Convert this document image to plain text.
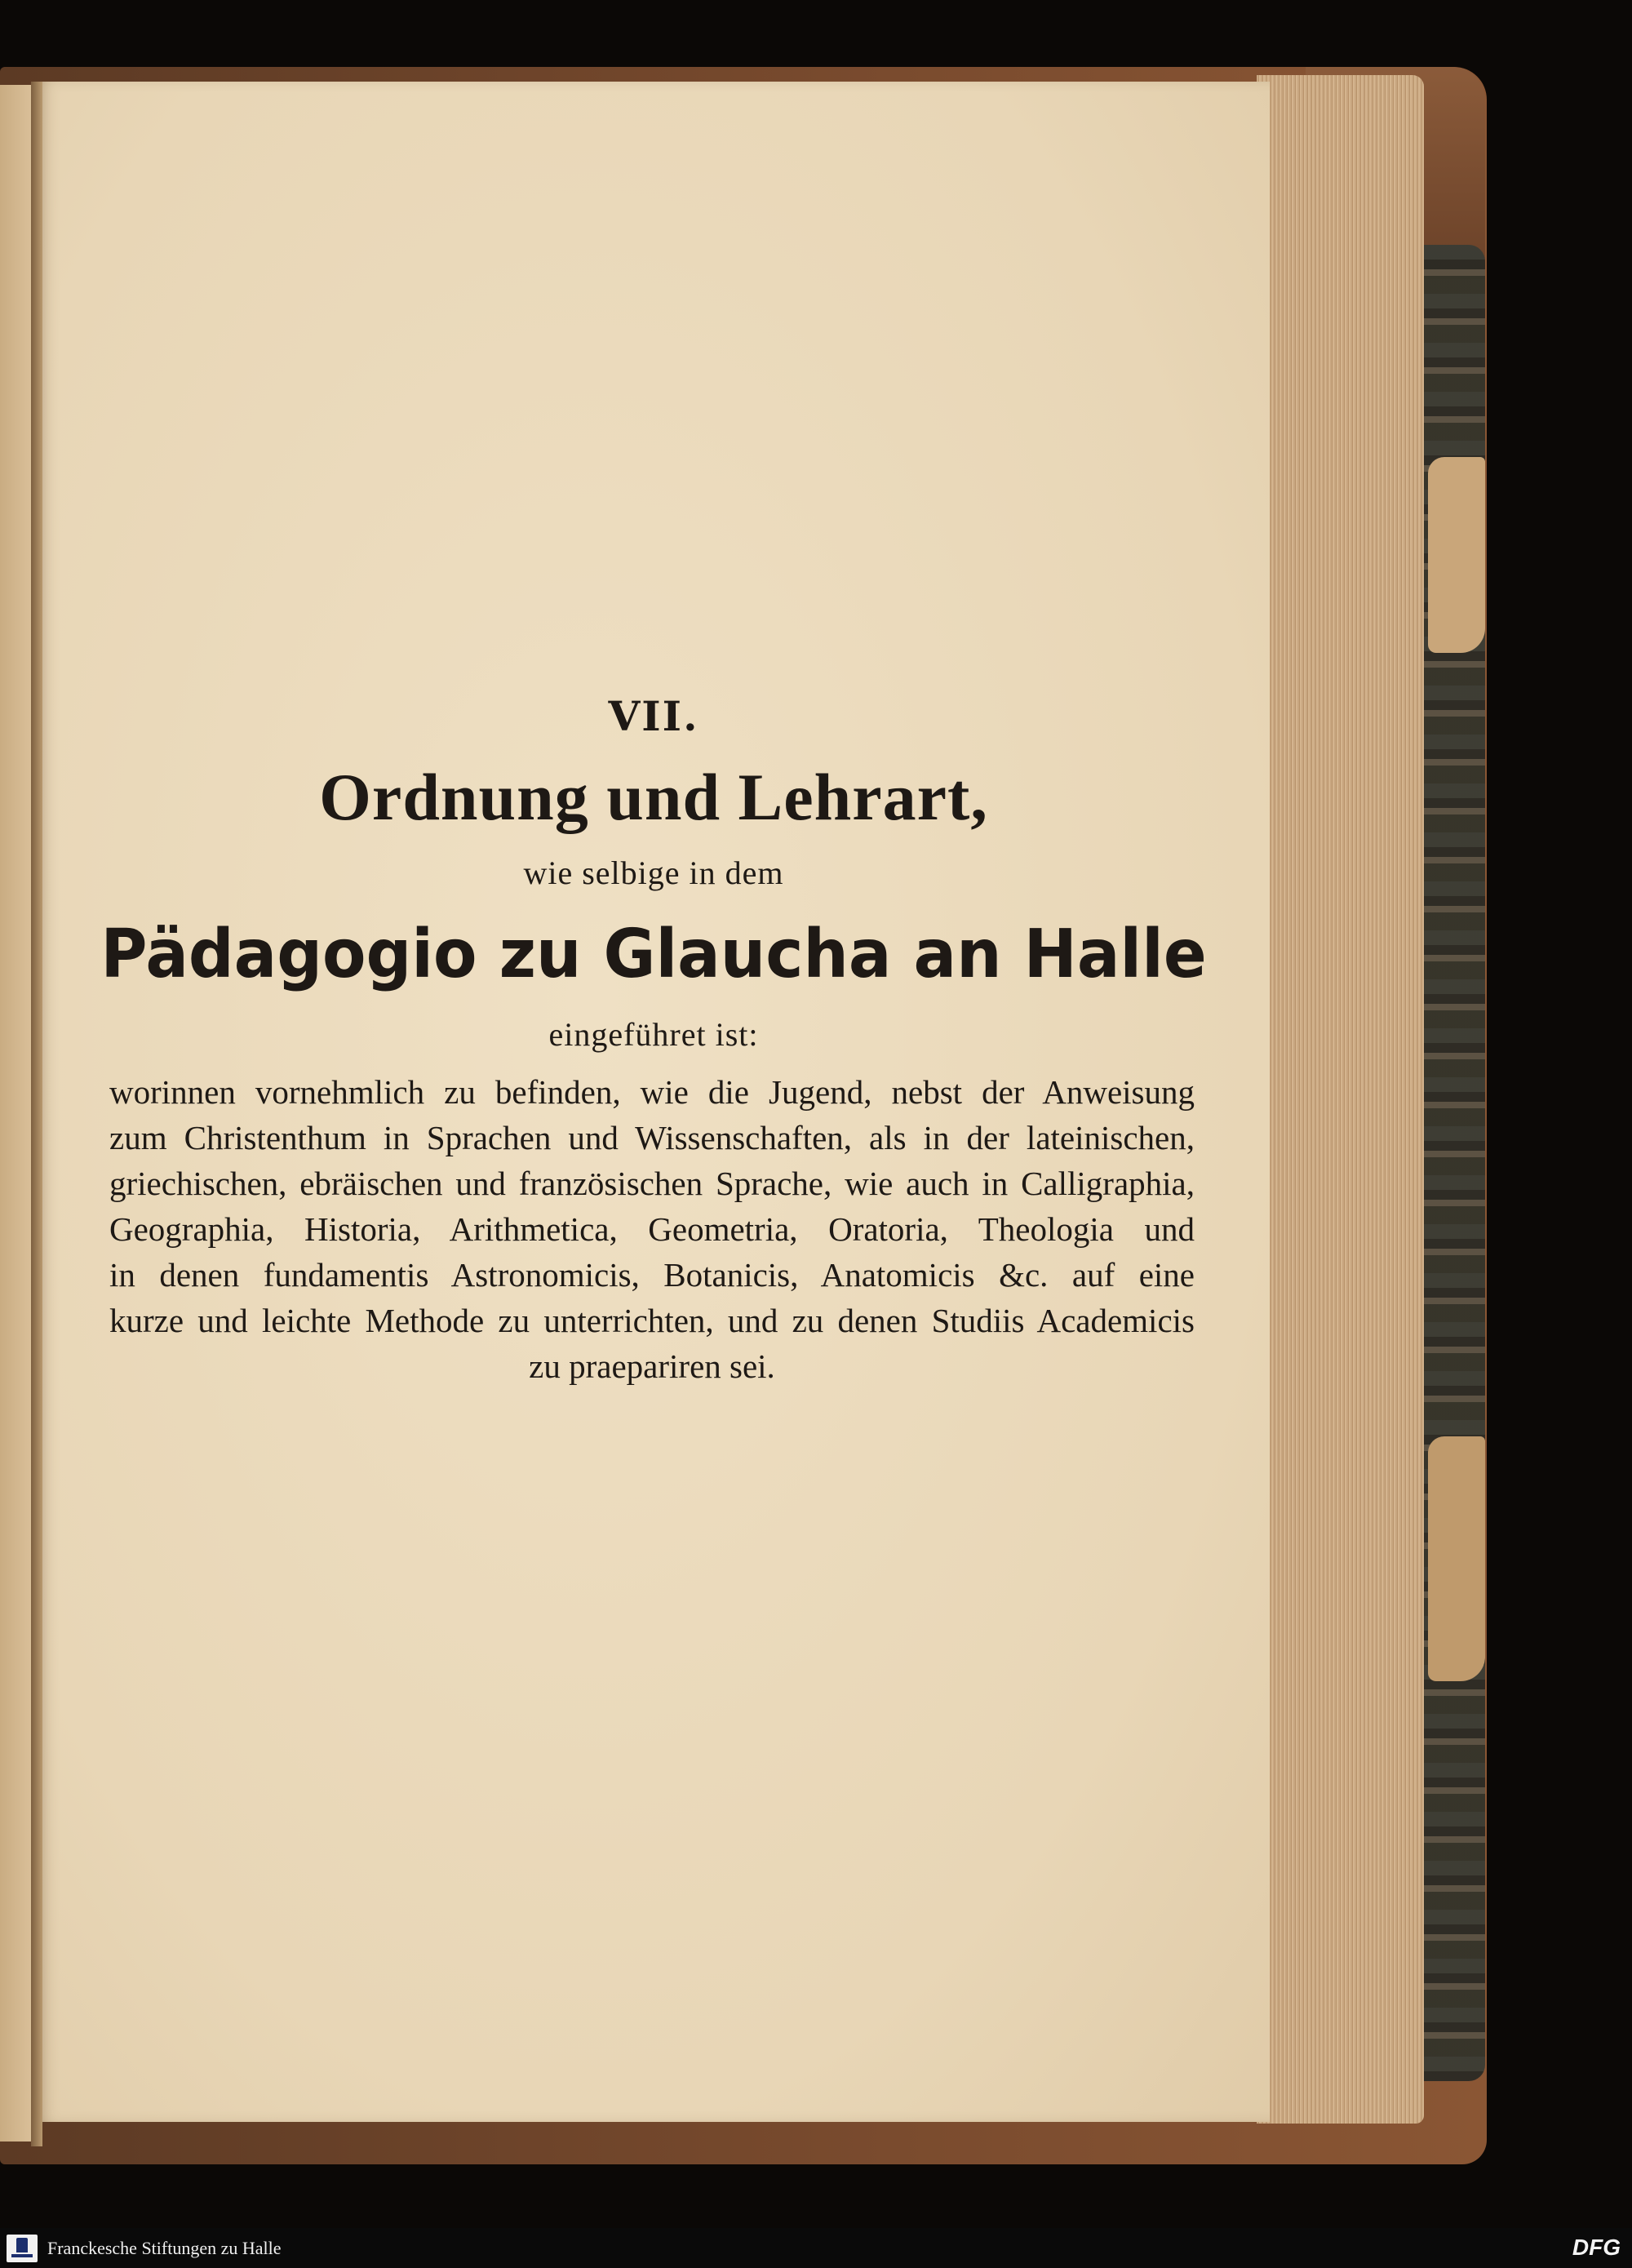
VII.
Ordnung und Lehrart,
wie selbige in dem
Pädagogio zu Glaucha an Halle
eingeführet ist:
worinnen vornehmlich zu befinden, wie die Jugend, nebst der Anweisung
zum Christenthum in Sprachen und Wissenschaften, als in der lateinischen,
griechischen, ebräischen und französischen Sprache, wie auch in Calligraphia,
Geographia, Historia, Arithmetica, Geometria, Oratoria, Theologia und
in denen fundamentis Astronomicis, Botanicis, Anatomicis &c. auf eine
kurze und leichte Methode zu unterrichten, und zu denen Studiis Academicis
zu praepariren sei.
Franckesche Stiftungen zu Halle	DFG
